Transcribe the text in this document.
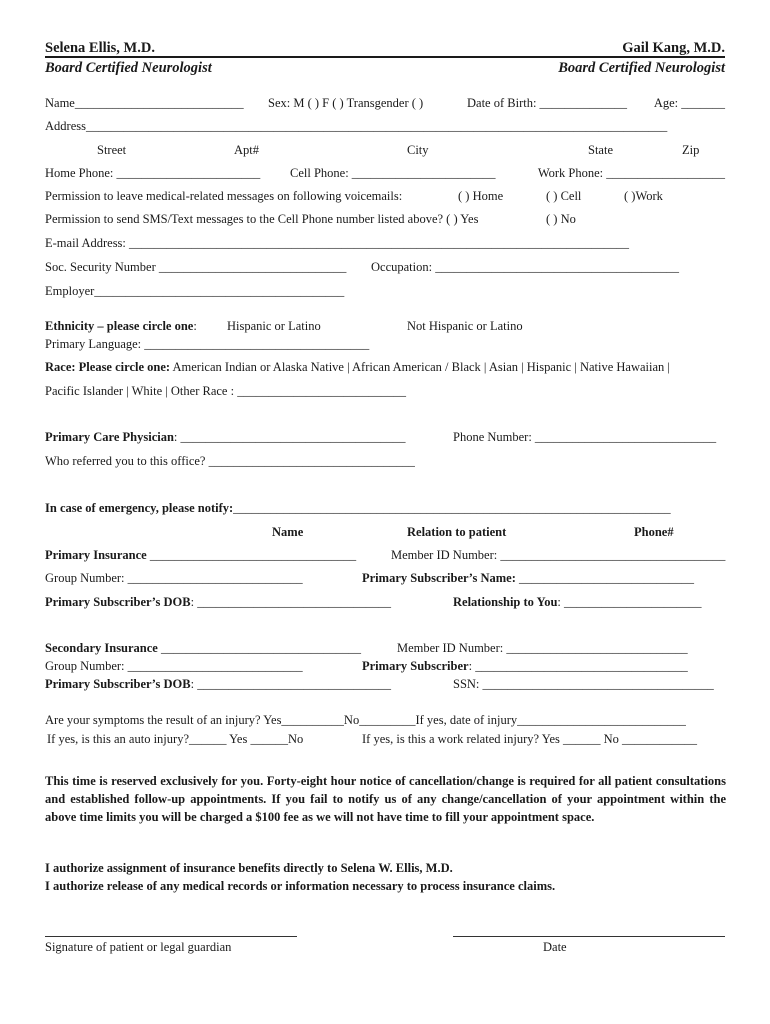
Selena Ellis, M.D.
Board Certified Neurologist
Gail Kang, M.D.
Board Certified Neurologist
Name___________________________ Sex: M ( ) F ( ) Transgender ( )	Date of Birth: ______________ Age: _______
Address_____________________________________________________________________________________________
Street	Apt#	City	State	Zip
Home Phone: _______________________ Cell Phone: _______________________	Work Phone: ___________________
Permission to leave medical-related messages on following voicemails:	( ) Home	( ) Cell	( )Work
Permission to send SMS/Text messages to the Cell Phone number listed above? ( ) Yes	( ) No
E-mail Address: ________________________________________________________________________________
Soc. Security Number ______________________________ Occupation: _______________________________________
Employer________________________________________
Ethnicity – please circle one: Hispanic or Latino	Not Hispanic or Latino
Primary Language: ____________________________________
Race: Please circle one: American Indian or Alaska Native | African American / Black | Asian | Hispanic | Native Hawaiian |
Pacific Islander | White | Other Race : ___________________________
Primary Care Physician: ____________________________________	Phone Number: _____________________________
Who referred you to this office? _________________________________
In case of emergency, please notify:______________________________________________________________________
Name	Relation to patient	Phone#
Primary Insurance _________________________________	Member ID Number: ____________________________________
Group Number: ____________________________	Primary Subscriber’s Name: ____________________________
Primary Subscriber’s DOB: _______________________________	Relationship to You: ______________________
Secondary Insurance ________________________________	Member ID Number: _____________________________
Group Number: ____________________________	Primary Subscriber: __________________________________
Primary Subscriber’s DOB: _______________________________	SSN: _____________________________________
Are your symptoms the result of an injury? Yes__________No_________If yes, date of injury___________________________
If yes, is this an auto injury?______ Yes ______No	If yes, is this a work related injury? Yes ______ No ____________
This time is reserved exclusively for you. Forty-eight hour notice of cancellation/change is required for all patient consultations and established follow-up appointments. If you fail to notify us of any change/cancellation of your appointment within the above time limits you will be charged a $100 fee as we will not have time to fill your appointment space.
I authorize assignment of insurance benefits directly to Selena W. Ellis, M.D.
I authorize release of any medical records or information necessary to process insurance claims.
Signature of patient or legal guardian	Date
